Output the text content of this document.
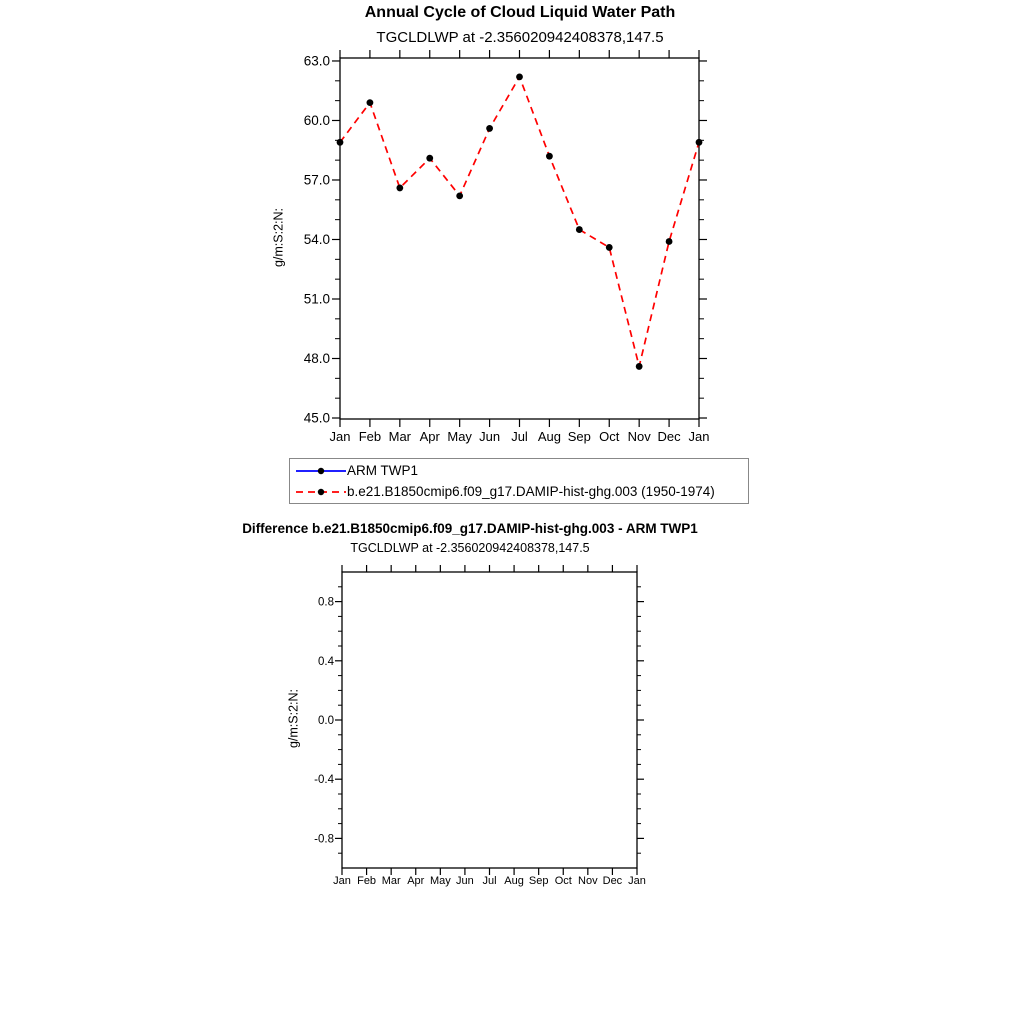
Annual Cycle of Cloud Liquid Water Path
TGCLDLWP at -2.356020942408378,147.5
g/m:S:2:N:
Difference b.e21.B1850cmip6.f09_g17.DAMIP-hist-ghg.003 - ARM TWP1
TGCLDLWP at -2.356020942408378,147.5
g/m:S:2:N:
Jan Feb Mar Apr May Jun Jul Aug Sep Oct Nov Dec Jan
45.0
48.0
51.0
54.0
57.0
60.0
63.0
Jan Feb Mar Apr May Jun Jul Aug Sep Oct Nov Dec Jan
-0.8
-0.4
0.0
0.4
0.8
ARM TWP1
b.e21.B1850cmip6.f09_g17.DAMIP-hist-ghg.003 (1950-1974)
